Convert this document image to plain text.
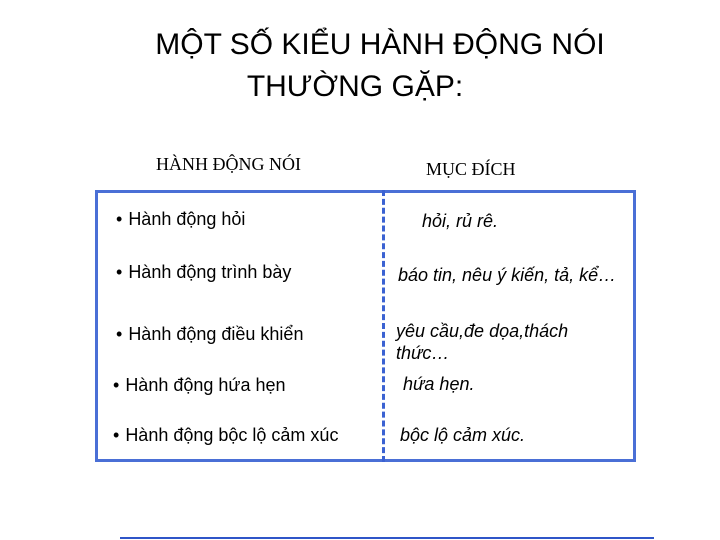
MỘT SỐ KIỂU HÀNH ĐỘNG NÓI
THƯỜNG GẶP:
HÀNH ĐỘNG NÓI	MỤC ĐÍCH
• Hành động hỏi
• Hành động trình bày
• Hành động điều khiển
• Hành động hứa hẹn
• Hành động bộc lộ cảm xúc
hỏi, rủ rê.
báo tin, nêu ý kiến, tả, kể…
yêu cầu,đe dọa,thách thức…
hứa hẹn.
bộc lộ cảm xúc.
